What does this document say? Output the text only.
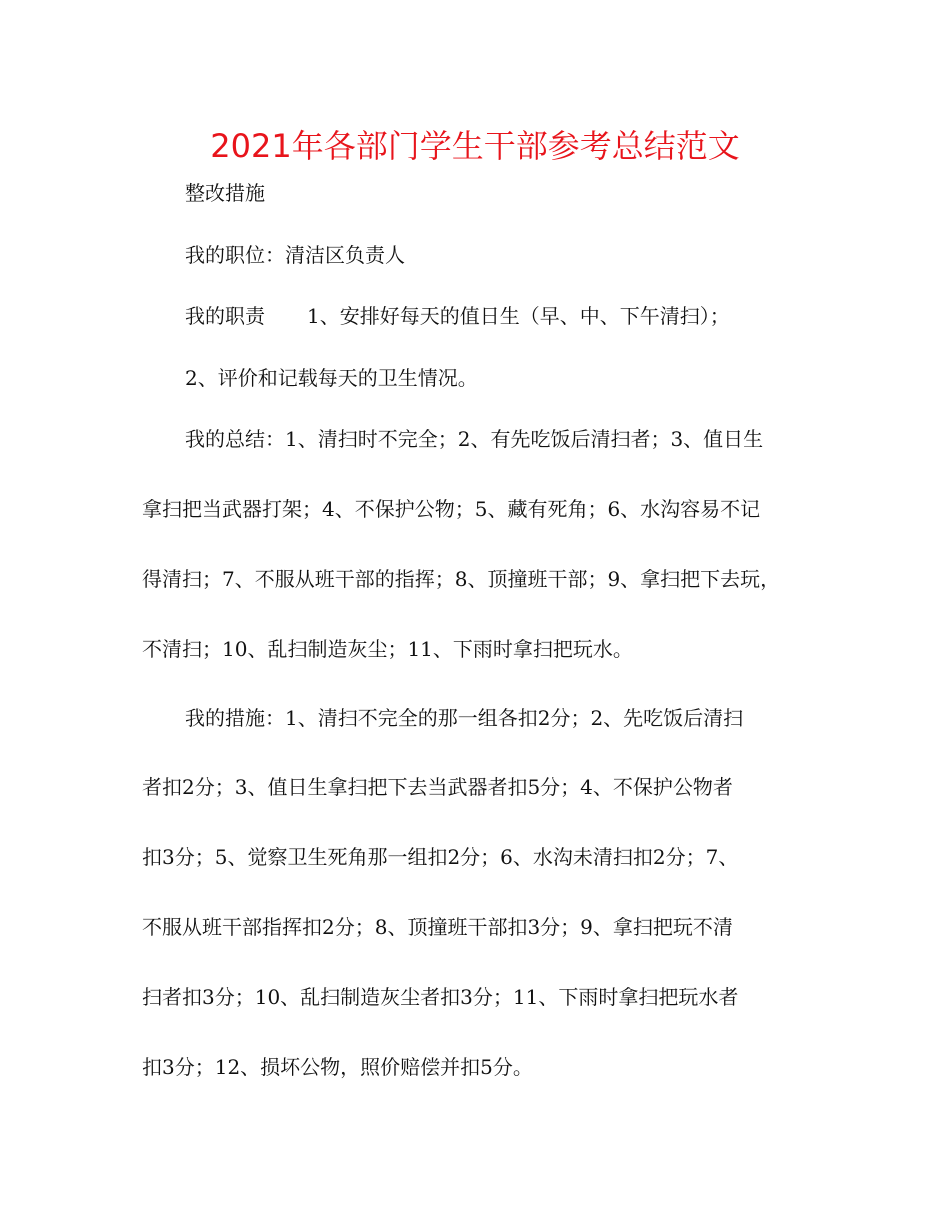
2021年各部门学生干部参考总结范文
整改措施
我的职位：清洁区负责人
我的职责 1、安排好每天的值日生（早、中、下午清扫）；
2、评价和记载每天的卫生情况。
我的总结：1、清扫时不完全；2、有先吃饭后清扫者；3、值日生
拿扫把当武器打架；4、不保护公物；5、藏有死角；6、水沟容易不记
得清扫；7、不服从班干部的指挥；8、顶撞班干部；9、拿扫把下去玩，
不清扫；10、乱扫制造灰尘；11、下雨时拿扫把玩水。
我的措施：1、清扫不完全的那一组各扣2分；2、先吃饭后清扫
者扣2分；3、值日生拿扫把下去当武器者扣5分；4、不保护公物者
扣3分；5、觉察卫生死角那一组扣2分；6、水沟未清扫扣2分；7、
不服从班干部指挥扣2分；8、顶撞班干部扣3分；9、拿扫把玩不清
扫者扣3分；10、乱扫制造灰尘者扣3分；11、下雨时拿扫把玩水者
扣3分；12、损坏公物，照价赔偿并扣5分。
